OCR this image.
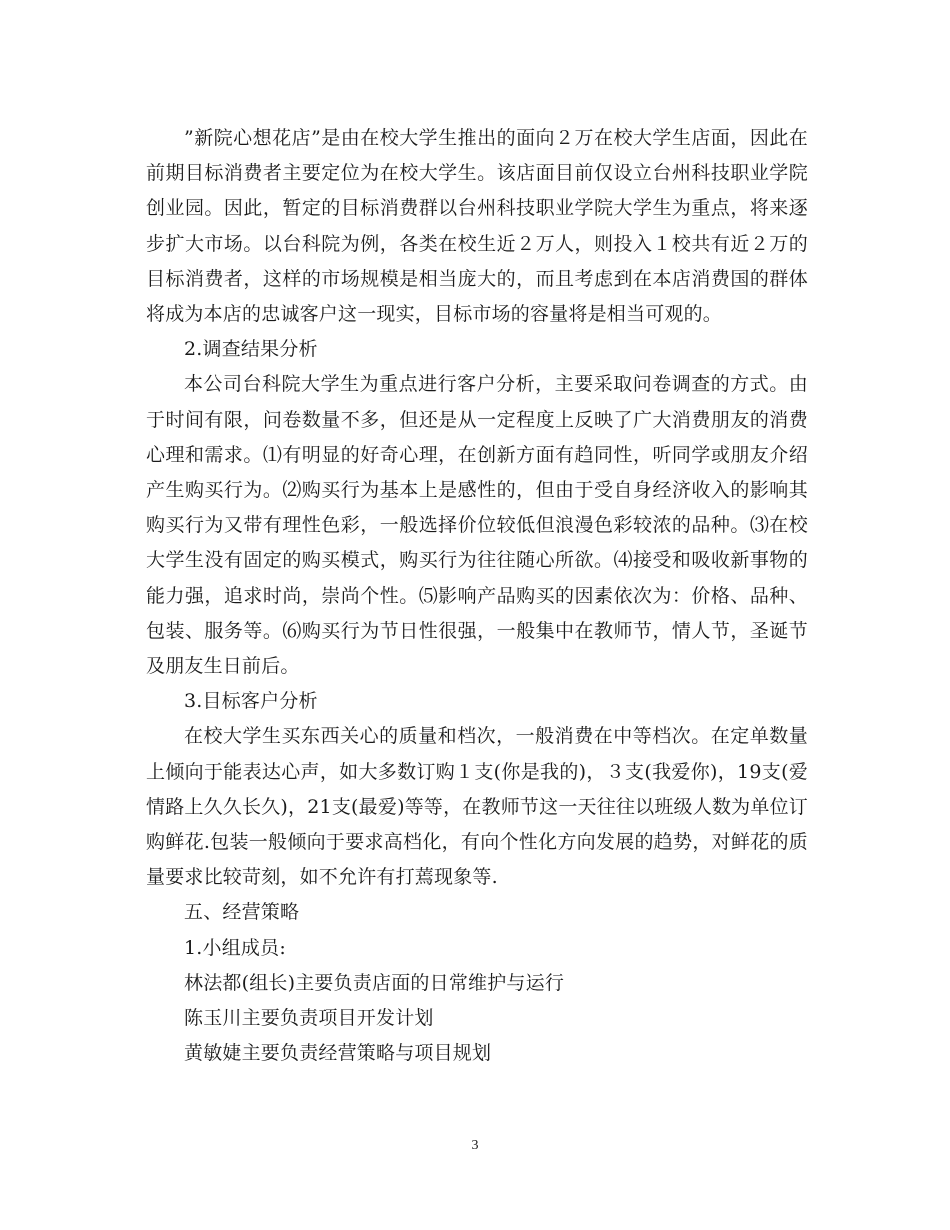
”新院心想花店”是由在校大学生推出的面向２万在校大学生店面，因此在前期目标消费者主要定位为在校大学生。该店面目前仅设立台州科技职业学院创业园。因此，暂定的目标消费群以台州科技职业学院大学生为重点，将来逐步扩大市场。以台科院为例，各类在校生近２万人，则投入１校共有近２万的目标消费者，这样的市场规模是相当庞大的，而且考虑到在本店消费国的群体将成为本店的忠诚客户这一现实，目标市场的容量将是相当可观的。

2.调查结果分析

本公司台科院大学生为重点进行客户分析，主要采取问卷调查的方式。由于时间有限，问卷数量不多，但还是从一定程度上反映了广大消费朋友的消费心理和需求。⑴有明显的好奇心理，在创新方面有趋同性，听同学或朋友介绍产生购买行为。⑵购买行为基本上是感性的，但由于受自身经济收入的影响其购买行为又带有理性色彩，一般选择价位较低但浪漫色彩较浓的品种。⑶在校大学生没有固定的购买模式，购买行为往往随心所欲。⑷接受和吸收新事物的能力强，追求时尚，崇尚个性。⑸影响产品购买的因素依次为：价格、品种、包装、服务等。⑹购买行为节日性很强，一般集中在教师节，情人节，圣诞节及朋友生日前后。

3.目标客户分析

在校大学生买东西关心的质量和档次，一般消费在中等档次。在定单数量上倾向于能表达心声，如大多数订购１支(你是我的)，３支(我爱你)，19支(爱情路上久久长久)，21支(最爱)等等，在教师节这一天往往以班级人数为单位订购鲜花.包装一般倾向于要求高档化，有向个性化方向发展的趋势，对鲜花的质量要求比较苛刻，如不允许有打蔫现象等.

五、经营策略

1.小组成员:

林法都(组长)主要负责店面的日常维护与运行

陈玉川主要负责项目开发计划

黄敏婕主要负责经营策略与项目规划

3
